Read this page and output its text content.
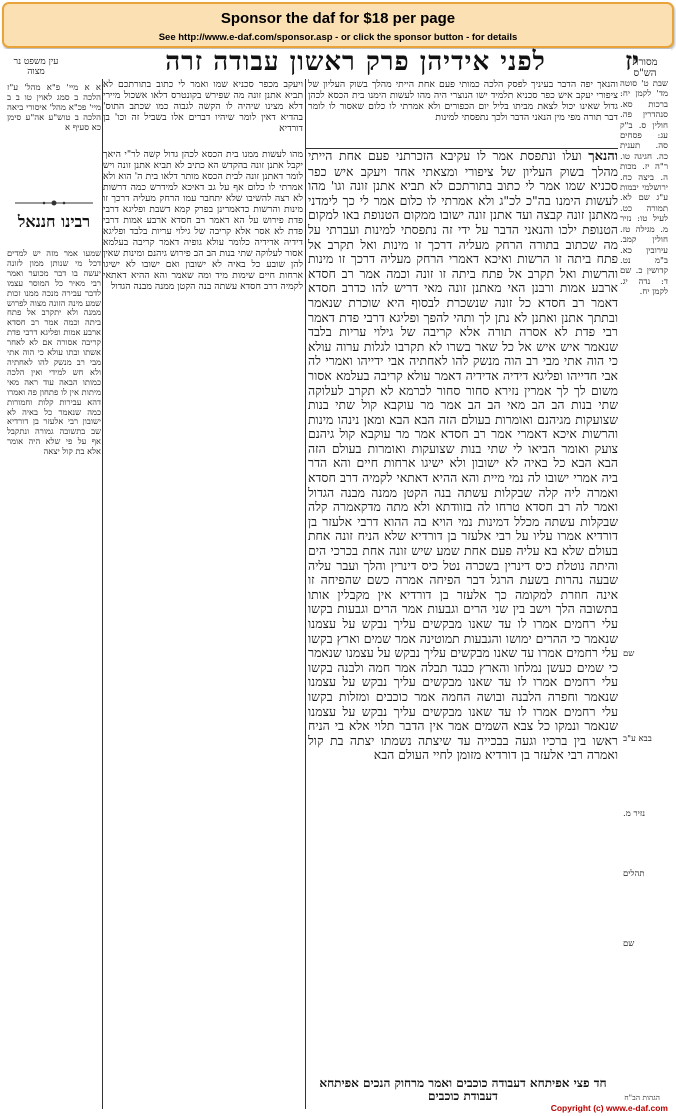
Sponsor the daf for $18 per page
See http://www.e-daf.com/sponsor.asp - or click the sponsor button - for details
עין משפט נר מצוה	לפני אידיהן פרק ראשון עבודה זרה	יז
מסורת הש"ס
א א מיי' פ"א מהל' ע"ז הלכה ב סמג לאוין טו ב ב מיי' פכ"א מהל' איסורי ביאה הלכה ב טוש"ע אה"ע סימן כא סעיף א
רבינו חננאל
שמעו אמר מזה יש למדים דכל מי שנותן ממון לזונה יעשה בו דבר מכוער ואמר רבי מאיר כל המוסר עצמו לדבר עבירה מנכה ממנו זכות שמע מינה הזונה מצוה לפרוש ממנה ולא יתקרב אל פתח ביתה וכמה אמר רב חסדא ארבע אמות ופליגא דרבי פדת קריבה אסורה אם לא לאחר אשתו ובתו עולא כי הוה אתי מבי רב מנשק להו לאחתיה ולא חש למידי ואין הלכה כמותו הבאה עוד ראה מאי מיתות אין לו פתחון פה ואמרו דהא עבירות קלות וחמורות כמה שנאמר כל באיה לא ישובון רבי אלעזר בן דורדיא שב בתשובה גמורה ונתקבל אף על פי שלא היה אומר אלא בת קול יצאה
ויעקב מכפר סכניא שמו ואמר לי כתוב בתורתכם לא תביא אתנן זונה מה שפירש בקונטרס דלאו אשכול מיירי דלא מצינו שיהיה לו הקשה לגבוה כמו שכתב התוס' בהדיא דאין לומר שיהיו דברים אלו בשביל זה וכו' בן דורדיא
מהו לעשות ממנו בית הכסא לכהן גדול קשה לר"י היאך יקבל אתנן זונה בהקדש הא כתיב לא תביא אתנן זונה ויש לומר דאתנן זונה לבית הכסא מותר דלאו בית ה' הוא ולא אמרתי לו כלום אף על גב דאיכא למידרש כמה דרשות לא רצה להשיבו שלא יתחבר עמו הרחק מעליה דרכך זו מינות והרשות כדאמרינן בפרק קמא דשבת ופליגא דרבי פדת פירוש על הא דאמר רב חסדא ארבע אמות דרבי פדת לא אסר אלא קריבה של גילוי עריות בלבד ופליגא דידיה אדידיה כלומר עולא גופיה דאמר קריבה בעלמא אסור לעלוקה שתי בנות הב הב פירוש גיהנם ומינות שאין להן שובע כל באיה לא ישובון ואם ישובו לא ישיגו ארחות חיים שימות מיד ומה שאמר והא ההיא דאתאי לקמיה דרב חסדא עשתה בנה הקטן ממנה מבנה הגדול
והנאך יפה הדבר בעיניך לפסק הלכה כמותי פעם אחת הייתי מהלך בשוק העליון של ציפורי יעקב איש כפר סכניא תלמיד ישו הנוצרי היה מהו לעשות הימנו בית הכסא לכהן גדול שאינו יכול לצאת מביתו בליל יום הכפורים ולא אמרתי לו כלום שאסור לו לומר דבר תורה מפי מין הנאני הדבר ולכך נתפסתי למינות
והנאך ועלו ונתפסת אמר לו עקיבא הזכרתני פעם אחת הייתי מהלך בשוק העליון של ציפורי ומצאתי אחד ויעקב איש כפר סכניא שמו אמר לי כתוב בתורתכם לא תביא אתנן זונה וגו' מהו לעשות הימנו בה"כ לכ"ג ולא אמרתי לו כלום אמר לי כך לימדני מאתנן זונה קבצה ועד אתנן זונה ישובו ממקום הטנופת באו למקום הטנופת ילכו והנאני הדבר על ידי זה נתפסתי למינות ועברתי על מה שכתוב בתורה הרחק מעליה דרכך זו מינות ואל תקרב אל פתח ביתה זו הרשות ואיכא דאמרי הרחק מעליה דרכך זו מינות והרשות ואל תקרב אל פתח ביתה זו זונה וכמה אמר רב חסדא ארבע אמות ורבנן האי מאתנן זונה מאי דריש להו כדרב חסדא דאמר רב חסדא כל זונה שנשכרת לבסוף היא שוכרת שנאמר ובתתך אתנן ואתנן לא נתן לך ותהי להפך ופליגא דרבי פדת דאמר רבי פדת לא אסרה תורה אלא קריבה של גילוי עריות בלבד שנאמר איש איש אל כל שאר בשרו לא תקרבו לגלות ערוה עולא כי הוה אתי מבי רב הוה מנשק להו לאחתיה אבי ידייהו ואמרי לה אבי חדייהו ופליגא דידיה אדידיה דאמר עולא קריבה בעלמא אסור משום לך לך אמרין נזירא סחור סחור לכרמא לא תקרב לעלוקה שתי בנות הב הב מאי הב הב אמר מר עוקבא קול שתי בנות שצועקות מגיהנם ואומרות בעולם הזה הבא הבא ומאן נינהו מינות והרשות איכא דאמרי אמר רב חסדא אמר מר עוקבא קול גיהנם צועק ואומר הביאו לי שתי בנות שצועקות ואומרות בעולם הזה הבא הבא כל באיה לא ישובון ולא ישיגו ארחות חיים והא הדר ביה אמרי ישובו לה נמי מיית והא ההיא דאתאי לקמיה דרב חסדא ואמרה ליה קלה שבקלות עשתה בנה הקטן ממנה מבנה הגדול ואמר לה רב חסדא טרחו לה בזוודתא ולא מתה מדקאמרה קלה שבקלות עשתה מכלל דמינות נמי הויא בה ההוא דרבי אלעזר בן דורדיא אמרו עליו על רבי אלעזר בן דורדיא שלא הניח זונה אחת בעולם שלא בא עליה פעם אחת שמע שיש זונה אחת בכרכי הים והיתה נוטלת כיס דינרין בשכרה נטל כיס דינרין והלך ועבר עליה שבעה נהרות בשעת הרגל דבר הפיחה אמרה כשם שהפיחה זו אינה חוזרת למקומה כך אלעזר בן דורדיא אין מקבלין אותו בתשובה הלך וישב בין שני הרים וגבעות אמר הרים וגבעות בקשו עלי רחמים אמרו לו עד שאנו מבקשים עליך נבקש על עצמנו שנאמר כי ההרים ימושו והגבעות תמוטינה אמר שמים וארץ בקשו עלי רחמים אמרו עד שאנו מבקשים עליך נבקש על עצמנו שנאמר כי שמים כעשן נמלחו והארץ כבגד תבלה אמר חמה ולבנה בקשו עלי רחמים אמרו לו עד שאנו מבקשים עליך נבקש על עצמנו שנאמר וחפרה הלבנה ובושה החמה אמר כוכבים ומזלות בקשו עלי רחמים אמרו לו עד שאנו מבקשים עליך נבקש על עצמנו שנאמר ונמקו כל צבא השמים אמר אין הדבר תלוי אלא בי הניח ראשו בין ברכיו וגעה בבכייה עד שיצתה נשמתו יצתה בת קול ואמרה רבי אלעזר בן דורדיא מזומן לחיי העולם הבא
חד פצי אפיתחא דעבודה כוכבים ואמר מרחוק הנכים אפיתחא דעבודת כוכבים
שבת ט' סוטה מד' לקמן יח: ברכות סא. סנהדרין פה. חולין ס. ב"ק עג: פסחים סה. תענית כה. חגיגה טו. ר"ה יז. מכות ה. ביצה כח. ירושלמי יבמות ע"ג שם לא. תמורה כט. לעיל טו: נזיר מ. מגילה טז. חולין קמב. עירובין כא. ב"מ נט. קדושין כ. שם ד: נדה יג. לקמן יח.
שם
בבא ע"ב
נזיר מ.
תהלים
שם
הגהות הב"ח
Copyright (c) www.e-daf.com
